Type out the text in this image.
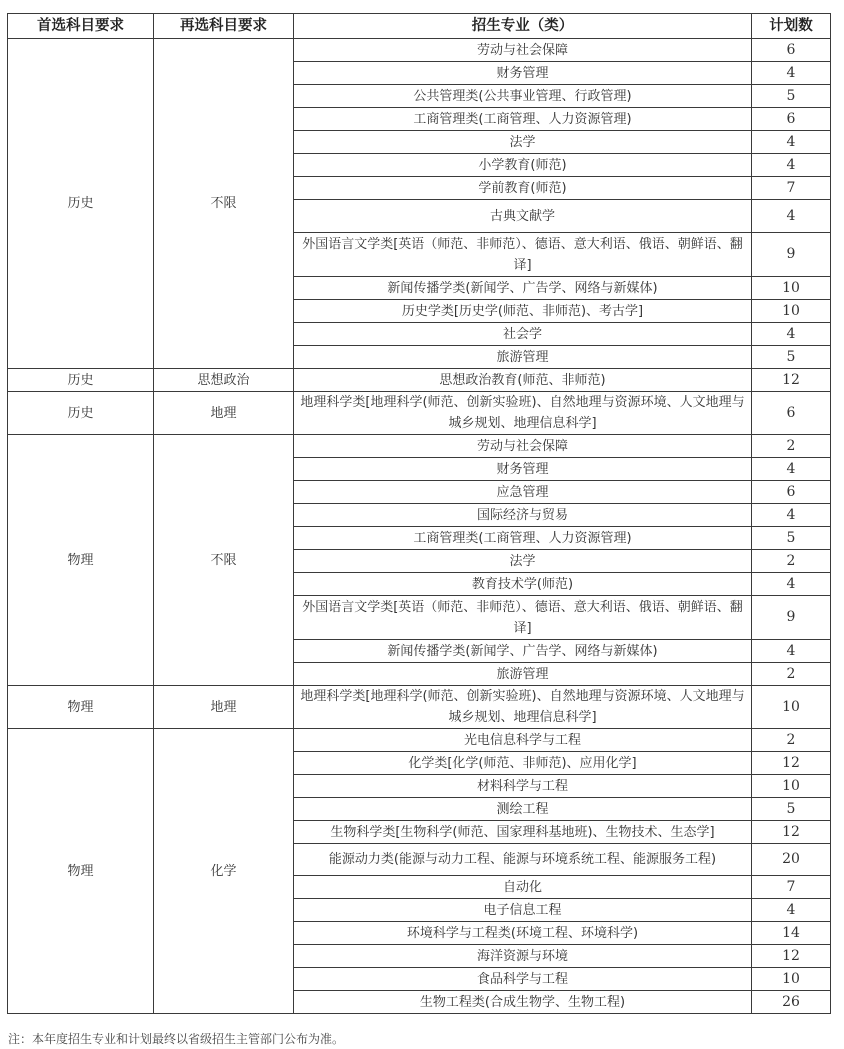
首选科目要求	再选科目要求	招生专业（类）	计划数
历史	不限	劳动与社会保障	6
		财务管理	4
		公共管理类(公共事业管理、行政管理)	5
		工商管理类(工商管理、人力资源管理)	6
		法学	4
		小学教育(师范)	4
		学前教育(师范)	7
		古典文献学	4
		外国语言文学类[英语（师范、非师范）、德语、意大利语、俄语、朝鲜语、翻译]	9
		新闻传播学类(新闻学、广告学、网络与新媒体)	10
		历史学类[历史学(师范、非师范)、考古学]	10
		社会学	4
		旅游管理	5
历史	思想政治	思想政治教育(师范、非师范)	12
历史	地理	地理科学类[地理科学(师范、创新实验班)、自然地理与资源环境、人文地理与城乡规划、地理信息科学]	6
物理	不限	劳动与社会保障	2
		财务管理	4
		应急管理	6
		国际经济与贸易	4
		工商管理类(工商管理、人力资源管理)	5
		法学	2
		教育技术学(师范)	4
		外国语言文学类[英语（师范、非师范）、德语、意大利语、俄语、朝鲜语、翻译]	9
		新闻传播学类(新闻学、广告学、网络与新媒体)	4
		旅游管理	2
物理	地理	地理科学类[地理科学(师范、创新实验班)、自然地理与资源环境、人文地理与城乡规划、地理信息科学]	10
物理	化学	光电信息科学与工程	2
		化学类[化学(师范、非师范)、应用化学]	12
		材料科学与工程	10
		测绘工程	5
		生物科学类[生物科学(师范、国家理科基地班)、生物技术、生态学]	12
		能源动力类(能源与动力工程、能源与环境系统工程、能源服务工程)	20
		自动化	7
		电子信息工程	4
		环境科学与工程类(环境工程、环境科学)	14
		海洋资源与环境	12
		食品科学与工程	10
		生物工程类(合成生物学、生物工程)	26

注：本年度招生专业和计划最终以省级招生主管部门公布为准。
